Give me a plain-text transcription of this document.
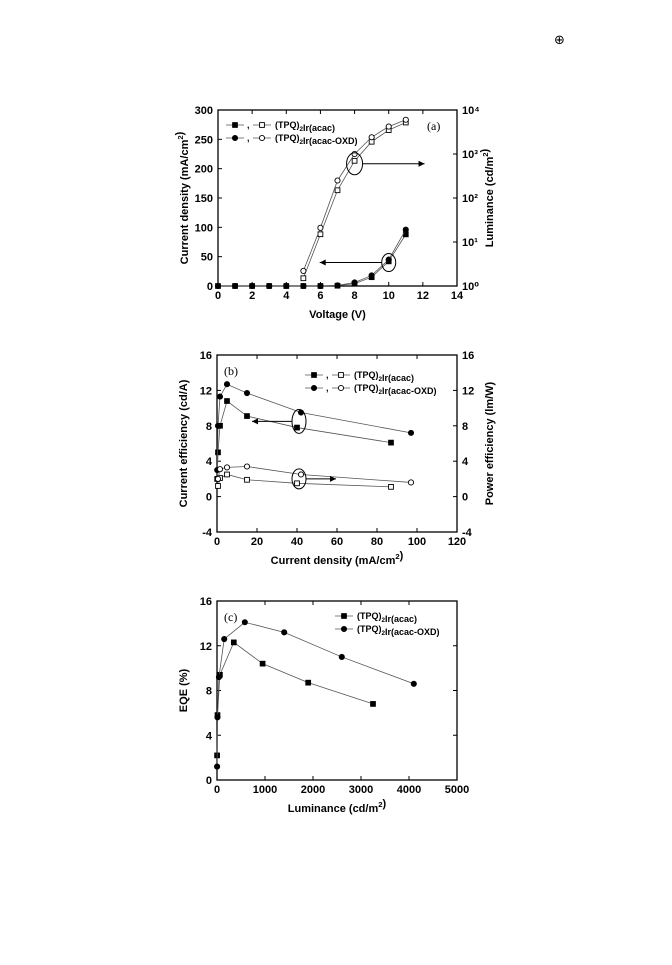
⊕
0	2	4	6	8 10 12 14
0
50
100
150
200
250
300
10⁰
10¹
10²
10³
10⁴
Voltage (V)
Current density $(mA/cm^2)$
Luminance $(cd/m^2)$
(a)
,	$(TPQ)_2Ir(acac)$
,	$(TPQ)_2Ir(acac-OXD)$
0	20	40	60	80 100 120
-4
0
4
8
12
16
-4
0
4
8
12
16
Current density $(mA/cm^2)$
Current efficiency (cd/A)	Power efficiency (lm/W)
(b)	,	$(TPQ)_2Ir(acac)$
,	$(TPQ)_2Ir(acac-OXD)$
0	1000 2000 3000 4000 5000
0
4
8
12
16
Luminance $(cd/m^2)$
EQE (%)
(c)	$(TPQ)_2Ir(acac)$
$(TPQ)_2Ir(acac-OXD)$
